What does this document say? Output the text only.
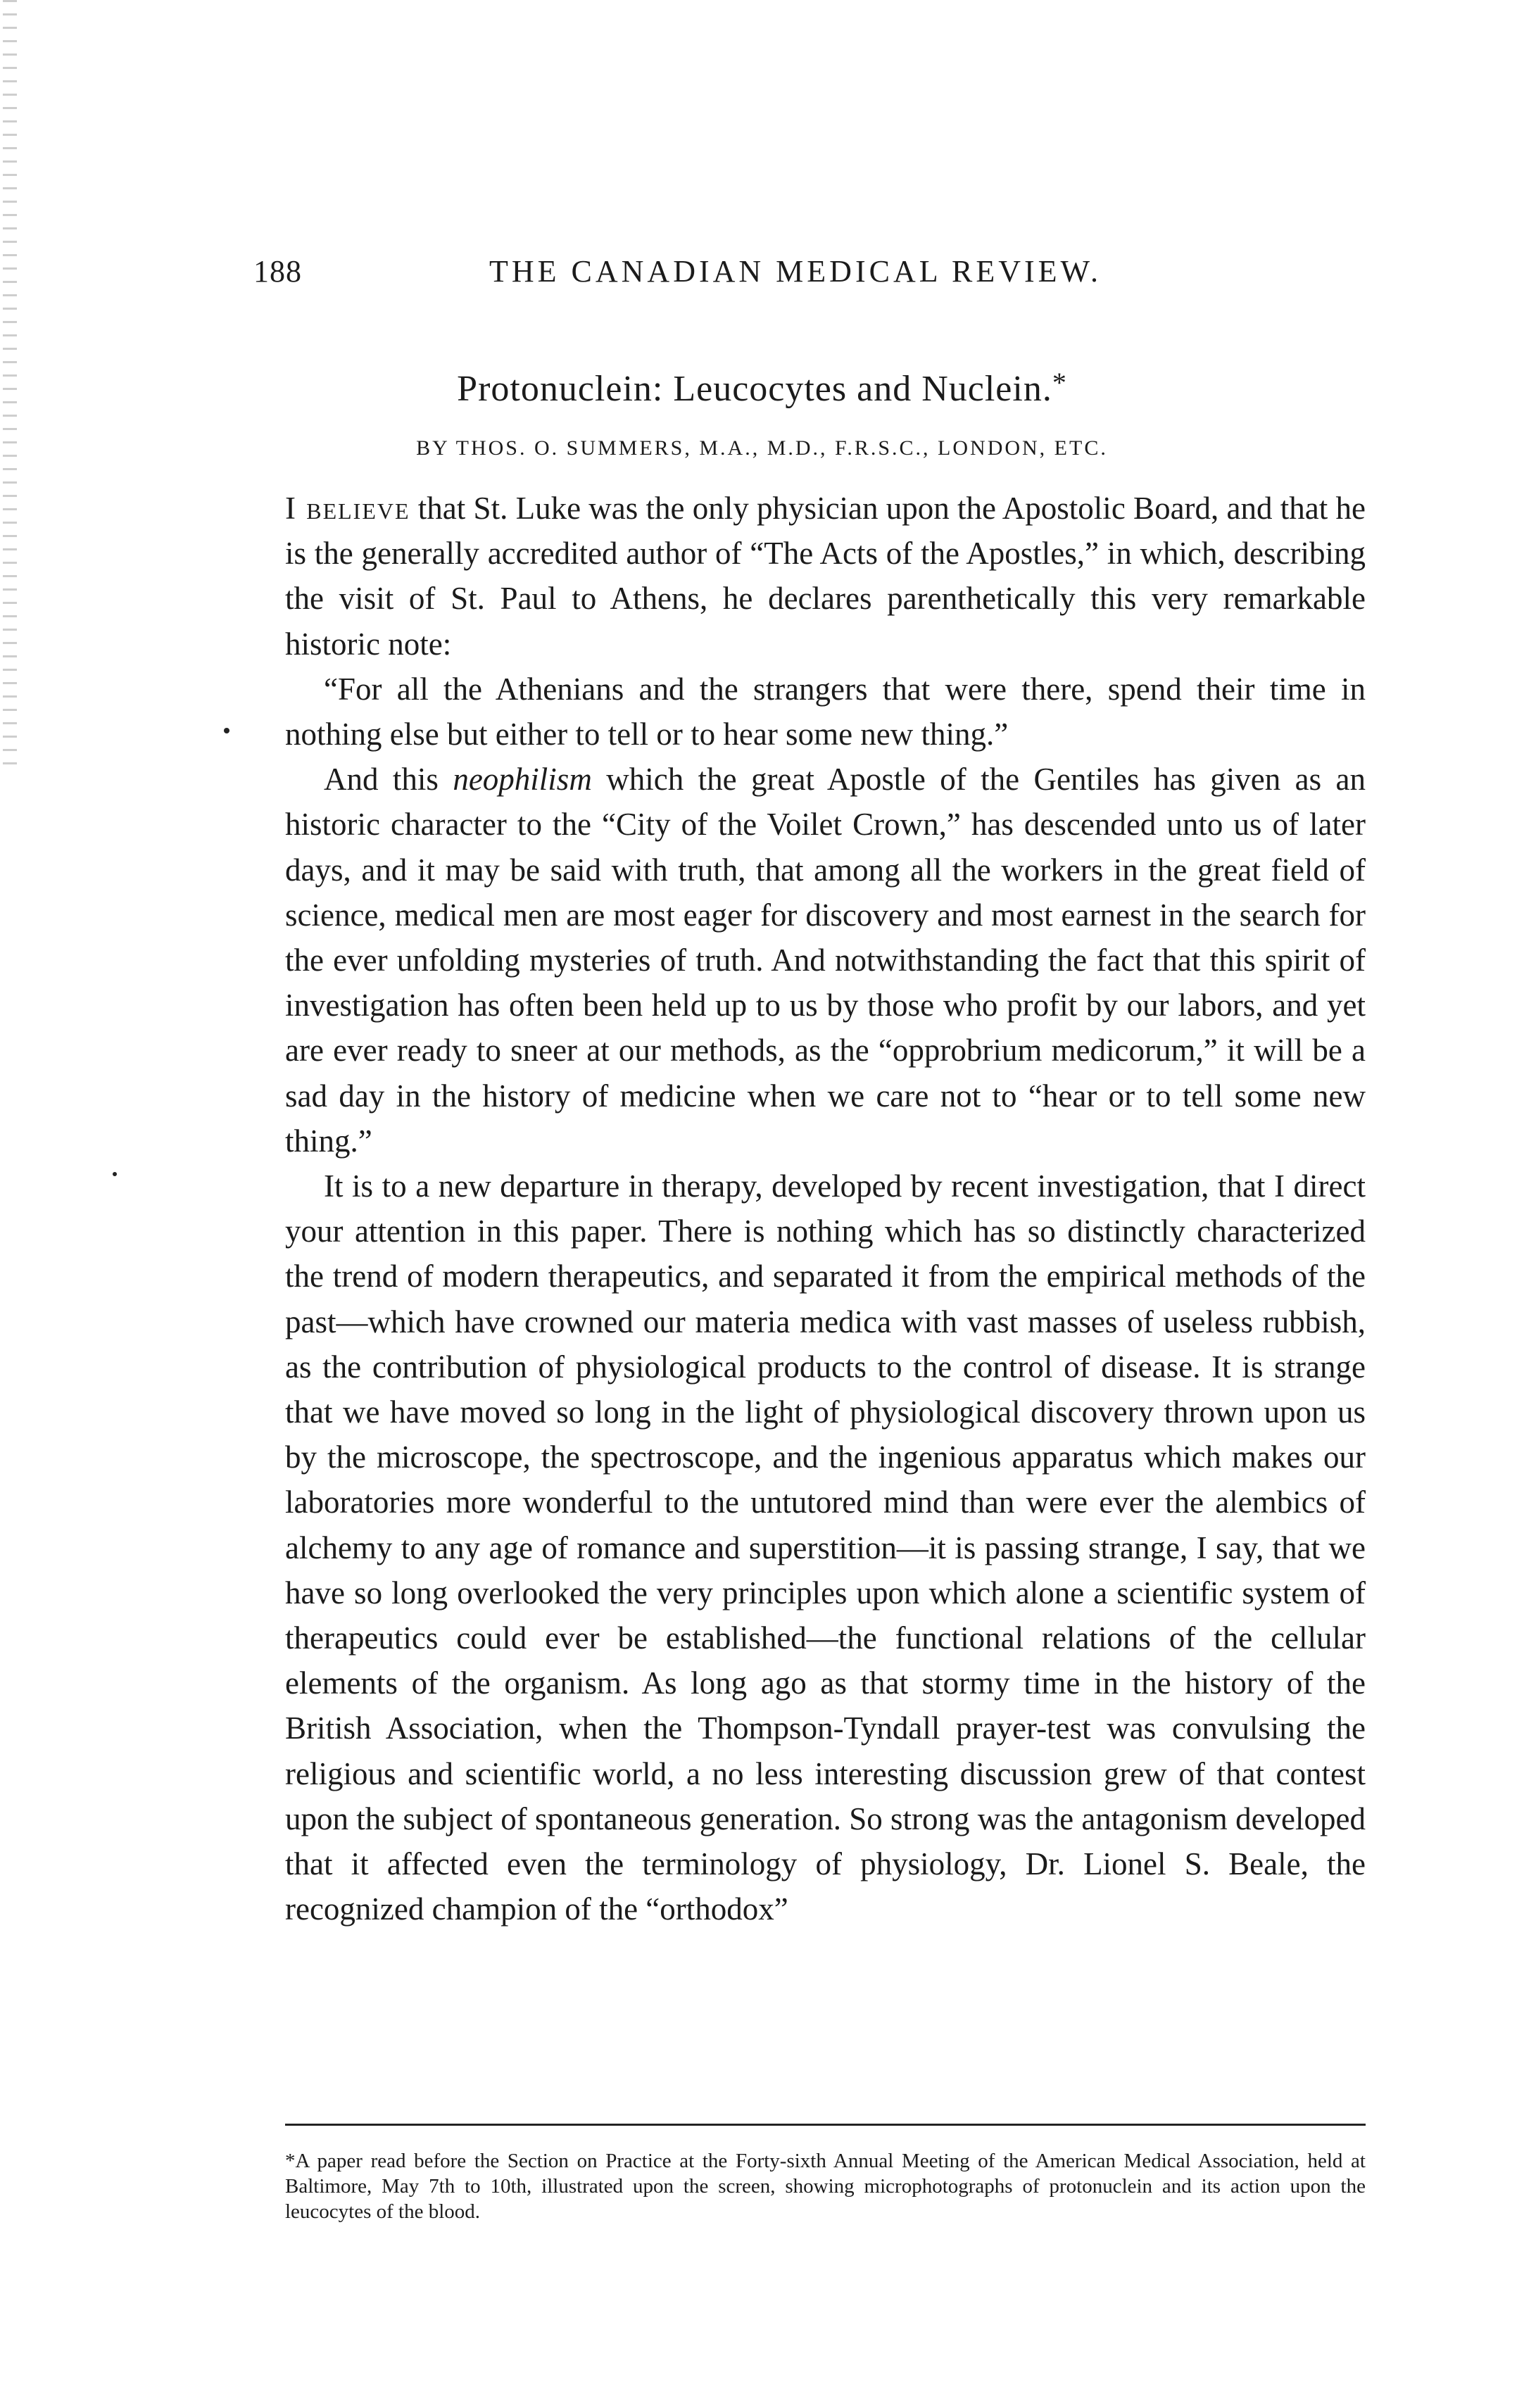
188	THE CANADIAN MEDICAL REVIEW.
Protonuclein: Leucocytes and Nuclein.*
BY THOS. O. SUMMERS, M.A., M.D., F.R.S.C., LONDON, ETC.

I believe that St. Luke was the only physician upon the Apostolic Board, and that he is the generally accredited author of “The Acts of the Apostles,” in which, describing the visit of St. Paul to Athens, he declares parenthetically this very remarkable historic note:

“For all the Athenians and the strangers that were there, spend their time in nothing else but either to tell or to hear some new thing.”

And this neophilism which the great Apostle of the Gentiles has given as an historic character to the “City of the Voilet Crown,” has descended unto us of later days, and it may be said with truth, that among all the workers in the great field of science, medical men are most eager for discovery and most earnest in the search for the ever unfolding mysteries of truth. And notwithstanding the fact that this spirit of investigation has often been held up to us by those who profit by our labors, and yet are ever ready to sneer at our methods, as the “opprobrium medicorum,” it will be a sad day in the history of medicine when we care not to “hear or to tell some new thing.”

It is to a new departure in therapy, developed by recent investigation, that I direct your attention in this paper. There is nothing which has so distinctly characterized the trend of modern therapeutics, and separated it from the empirical methods of the past—which have crowned our materia medica with vast masses of useless rubbish, as the contribution of physiological products to the control of disease. It is strange that we have moved so long in the light of physiological discovery thrown upon us by the microscope, the spectroscope, and the ingenious apparatus which makes our laboratories more wonderful to the untutored mind than were ever the alembics of alchemy to any age of romance and superstition—it is passing strange, I say, that we have so long overlooked the very principles upon which alone a scientific system of therapeutics could ever be established—the functional relations of the cellular elements of the organism. As long ago as that stormy time in the history of the British Association, when the Thompson-Tyndall prayer-test was convulsing the religious and scientific world, a no less interesting discussion grew of that contest upon the subject of spontaneous generation. So strong was the antagonism developed that it affected even the terminology of physiology, Dr. Lionel S. Beale, the recognized champion of the “orthodox”

*A paper read before the Section on Practice at the Forty-sixth Annual Meeting of the American Medical Association, held at Baltimore, May 7th to 10th, illustrated upon the screen, showing microphotographs of protonuclein and its action upon the leucocytes of the blood.
